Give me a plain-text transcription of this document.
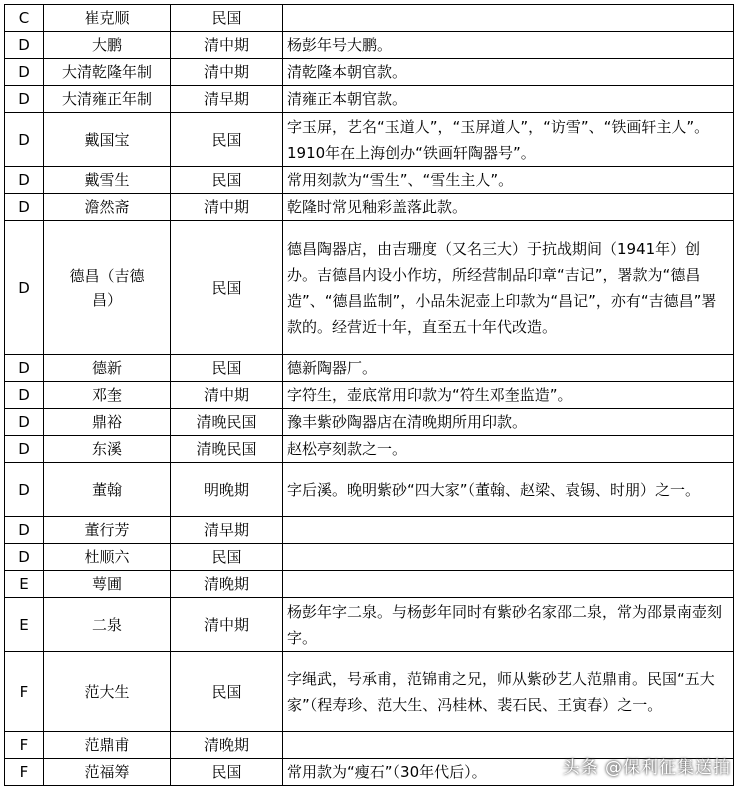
C	崔克顺	民国	
D	大鹏	清中期	杨彭年号大鹏。
D	大清乾隆年制	清中期	清乾隆本朝官款。
D	大清雍正年制	清早期	清雍正本朝官款。
D	戴国宝	民国	字玉屏，艺名“玉道人”，“玉屏道人”，“访雪”、“铁画轩主人”。1910年在上海创办“铁画轩陶器号”。
D	戴雪生	民国	常用刻款为“雪生”、“雪生主人”。
D	澹然斋	清中期	乾隆时常见釉彩盖落此款。
D	德昌（吉德昌）	民国	德昌陶器店，由吉珊度（又名三大）于抗战期间（1941年）创办。吉德昌内设小作坊，所经营制品印章“吉记”，署款为“德昌造”、“德昌监制”，小品朱泥壶上印款为“昌记”，亦有“吉德昌”署款的。经营近十年，直至五十年代改造。
D	德新	民国	德新陶器厂。
D	邓奎	清中期	字符生，壶底常用印款为“符生邓奎监造”。
D	鼎裕	清晚民国	豫丰紫砂陶器店在清晚期所用印款。
D	东溪	清晚民国	赵松亭刻款之一。
D	董翰	明晚期	字后溪。晚明紫砂“四大家”（董翰、赵梁、袁锡、时朋）之一。
D	董行芳	清早期	
D	杜顺六	民国	
E	萼圃	清晚期	
E	二泉	清中期	杨彭年字二泉。与杨彭年同时有紫砂名家邵二泉，常为邵景南壶刻字。
F	范大生	民国	字绳武，号承甫，范锦甫之兄，师从紫砂艺人范鼎甫。民国“五大家”（程寿珍、范大生、冯桂林、裴石民、王寅春）之一。
F	范鼎甫	清晚期	
F	范福筹	民国	常用款为“瘦石”（30年代后）。	头条 @保利征集送拍
